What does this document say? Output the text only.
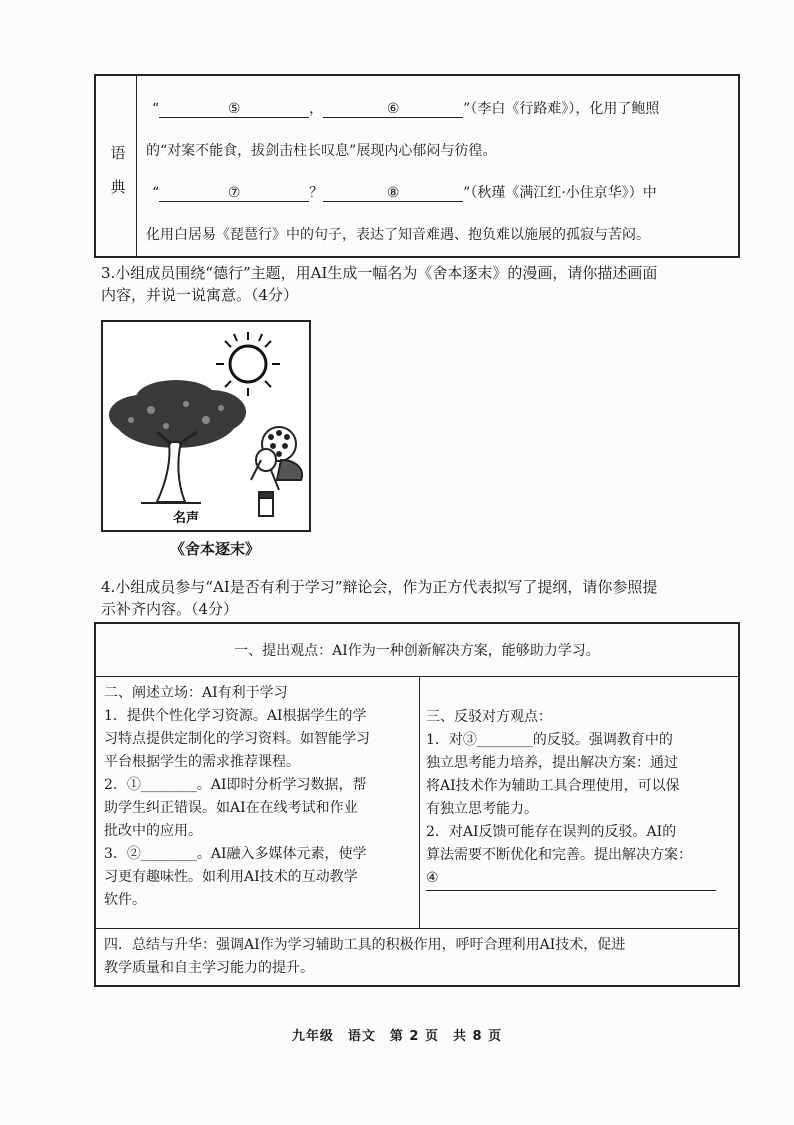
语典
“	⑤	，	⑥	”（李白《行路难》），化用了鲍照
的“对案不能食，拔剑击柱长叹息”展现内心郁闷与彷徨。
“	⑦	？	⑧	”（秋瑾《满江红·小住京华》）中
化用白居易《琵琶行》中的句子，表达了知音难遇、抱负难以施展的孤寂与苦闷。
3.小组成员围绕“德行”主题，用AI生成一幅名为《舍本逐末》的漫画，请你描述画面
内容，并说一说寓意。（4分）
名声
《舍本逐末》
4.小组成员参与“AI是否有利于学习”辩论会，作为正方代表拟写了提纲，请你参照提
示补齐内容。（4分）
一、提出观点：AI作为一种创新解决方案，能够助力学习。
二、阐述立场：AI有利于学习
1．提供个性化学习资源。AI根据学生的学
习特点提供定制化的学习资料。如智能学习
平台根据学生的需求推荐课程。
2．①________。AI即时分析学习数据，帮
助学生纠正错误。如AI在在线考试和作业
批改中的应用。
3．②________。AI融入多媒体元素，使学
习更有趣味性。如利用AI技术的互动教学
软件。
三、反驳对方观点：
1．对③________的反驳。强调教育中的
独立思考能力培养，提出解决方案：通过
将AI技术作为辅助工具合理使用，可以保
有独立思考能力。
2．对AI反馈可能存在误判的反驳。AI的
算法需要不断优化和完善。提出解决方案：
④
四．总结与升华：强调AI作为学习辅助工具的积极作用，呼吁合理利用AI技术，促进
教学质量和自主学习能力的提升。
九年级　语文　第 2 页　共 8 页
